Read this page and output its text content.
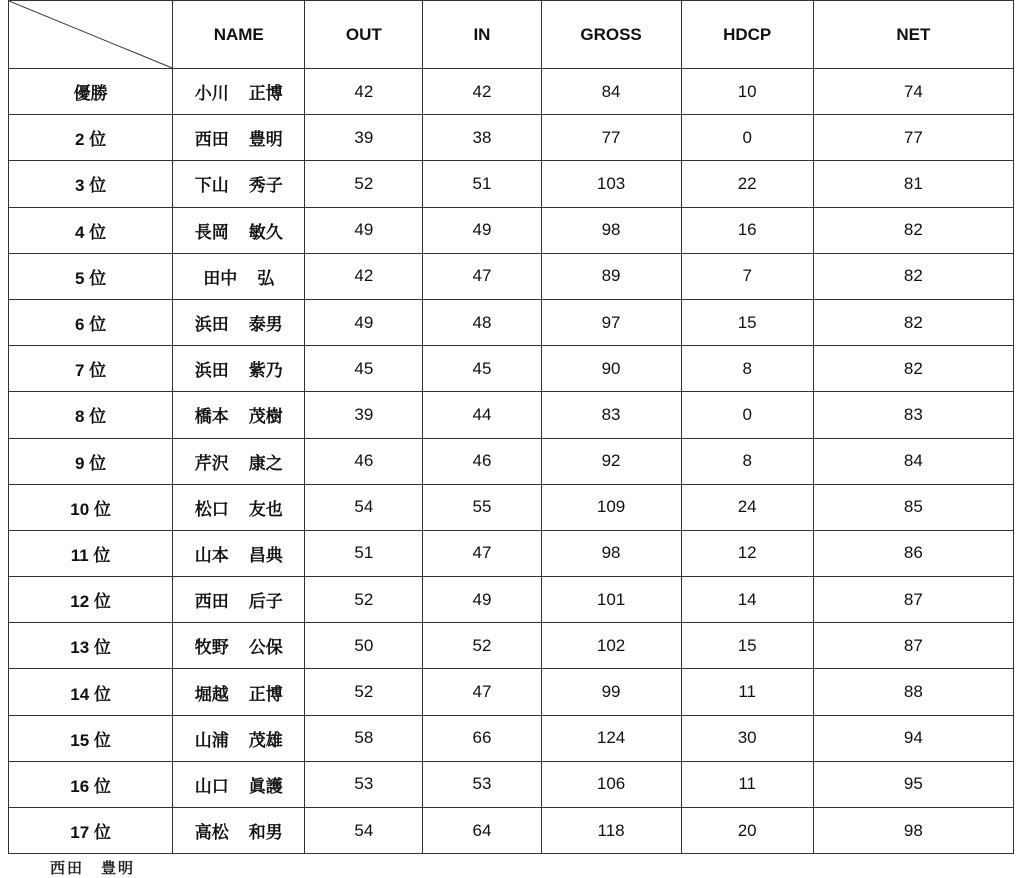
	NAME	OUT	IN	GROSS	HDCP	NET
優勝	小川 正博	42	42	84	10	74
2 位	西田 豊明	39	38	77	0	77
3 位	下山 秀子	52	51	103	22	81
4 位	長岡 敏久	49	49	98	16	82
5 位	田中 弘	42	47	89	7	82
6 位	浜田 泰男	49	48	97	15	82
7 位	浜田 紫乃	45	45	90	8	82
8 位	橋本 茂樹	39	44	83	0	83
9 位	芹沢 康之	46	46	92	8	84
10 位	松口 友也	54	55	109	24	85
11 位	山本 昌典	51	47	98	12	86
12 位	西田 后子	52	49	101	14	87
13 位	牧野 公保	50	52	102	15	87
14 位	堀越 正博	52	47	99	11	88
15 位	山浦 茂雄	58	66	124	30	94
16 位	山口 眞護	53	53	106	11	95
17 位	高松 和男	54	64	118	20	98
西田　豊明
